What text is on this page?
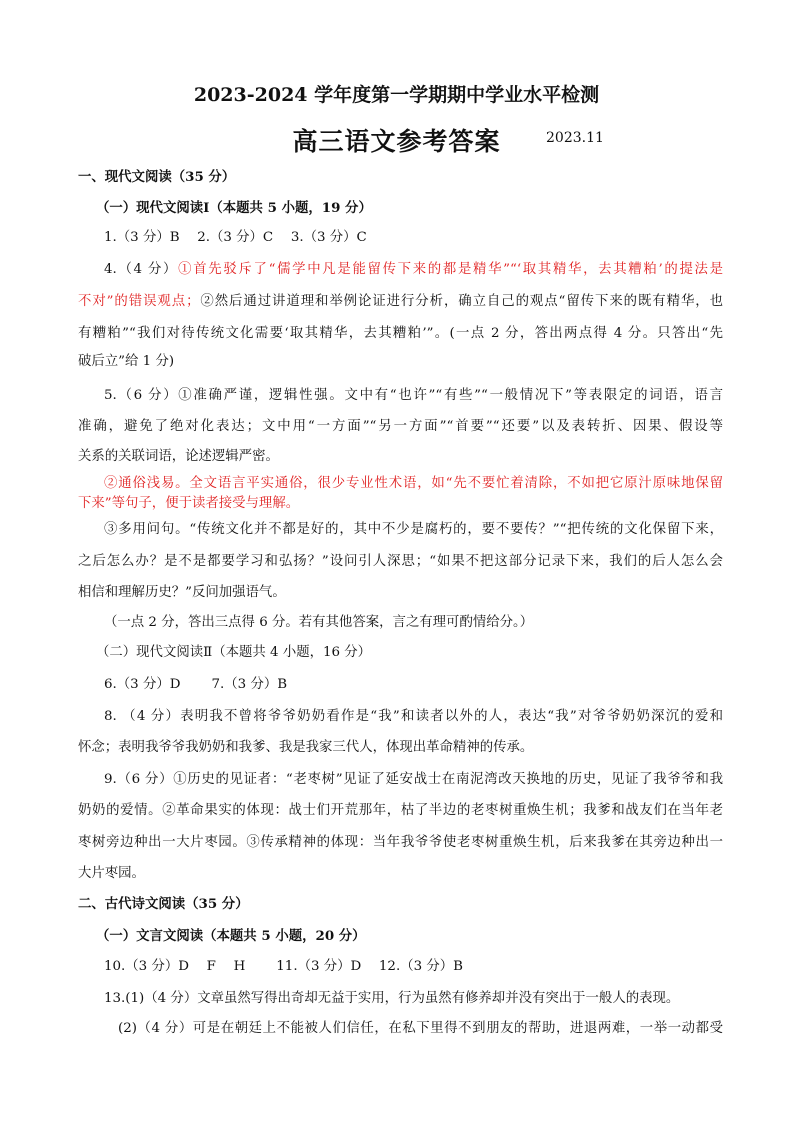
2023-2024 学年度第一学期期中学业水平检测
高三语文参考答案	2023.11
一、现代文阅读（35 分）
（一）现代文阅读Ⅰ（本题共 5 小题，19 分）
1.（3 分）B　 2.（3 分）C　 3.（3 分）C
4.（4 分）①首先驳斥了“儒学中凡是能留传下来的都是精华”“‘取其精华，去其糟粕’的提法是
不对”的错误观点；②然后通过讲道理和举例论证进行分析，确立自己的观点“留传下来的既有精华，也
有糟粕”“我们对待传统文化需要‘取其精华，去其糟粕’”。(一点 2 分，答出两点得 4 分。只答出“先
破后立”给 1 分)
5.（6 分）①准确严谨，逻辑性强。文中有“也许”“有些”“一般情况下”等表限定的词语，语言
准确，避免了绝对化表达；文中用“一方面”“另一方面”“首要”“还要”以及表转折、因果、假设等
关系的关联词语，论述逻辑严密。
②通俗浅易。全文语言平实通俗，很少专业性术语，如“先不要忙着清除，不如把它原汁原味地保留
下来”等句子，便于读者接受与理解。
③多用问句。“传统文化并不都是好的，其中不少是腐朽的，要不要传？”“把传统的文化保留下来，
之后怎么办？是不是都要学习和弘扬？”设问引人深思；“如果不把这部分记录下来，我们的后人怎么会
相信和理解历史？”反问加强语气。
（一点 2 分，答出三点得 6 分。若有其他答案，言之有理可酌情给分。）
（二）现代文阅读Ⅱ（本题共 4 小题，16 分）
6.（3 分）D　　 7.（3 分）B
8. （4 分）表明我不曾将爷爷奶奶看作是“我”和读者以外的人，表达“我”对爷爷奶奶深沉的爱和
怀念；表明我爷爷我奶奶和我爹、我是我家三代人，体现出革命精神的传承。
9.（6 分）①历史的见证者：“老枣树”见证了延安战士在南泥湾改天换地的历史，见证了我爷爷和我
奶奶的爱情。②革命果实的体现：战士们开荒那年，枯了半边的老枣树重焕生机；我爹和战友们在当年老
枣树旁边种出一大片枣园。③传承精神的体现：当年我爷爷使老枣树重焕生机，后来我爹在其旁边种出一
大片枣园。
二、古代诗文阅读（35 分）
（一）文言文阅读（本题共 5 小题，20 分）
10.（3 分）D　 F　 H　　 11.（3 分）D　 12.（3 分）B
13.(1)（4 分）文章虽然写得出奇却无益于实用，行为虽然有修养却并没有突出于一般人的表现。
(2)（4 分）可是在朝廷上不能被人们信任，在私下里得不到朋友的帮助，进退两难，一举一动都受
